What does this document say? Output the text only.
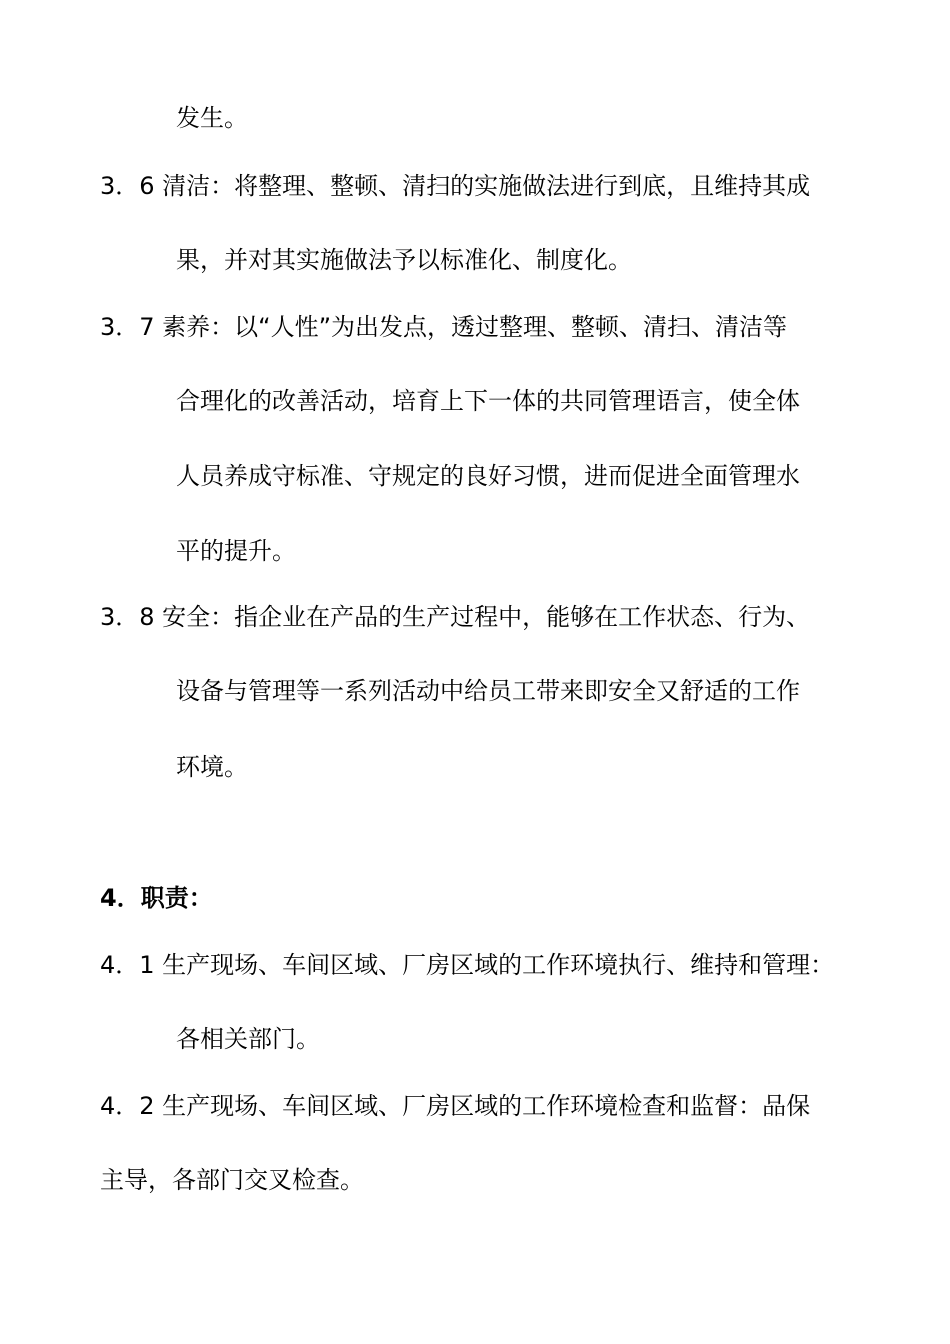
发生。
3．6 清洁：将整理、整顿、清扫的实施做法进行到底，且维持其成
果，并对其实施做法予以标准化、制度化。
3．7 素养：以“人性”为出发点，透过整理、整顿、清扫、清洁等
合理化的改善活动，培育上下一体的共同管理语言，使全体
人员养成守标准、守规定的良好习惯，进而促进全面管理水
平的提升。
3．8 安全：指企业在产品的生产过程中，能够在工作状态、行为、
设备与管理等一系列活动中给员工带来即安全又舒适的工作
环境。
4．职责：
4．1 生产现场、车间区域、厂房区域的工作环境执行、维持和管理：
各相关部门。
4．2 生产现场、车间区域、厂房区域的工作环境检查和监督：品保
主导，各部门交叉检查。
